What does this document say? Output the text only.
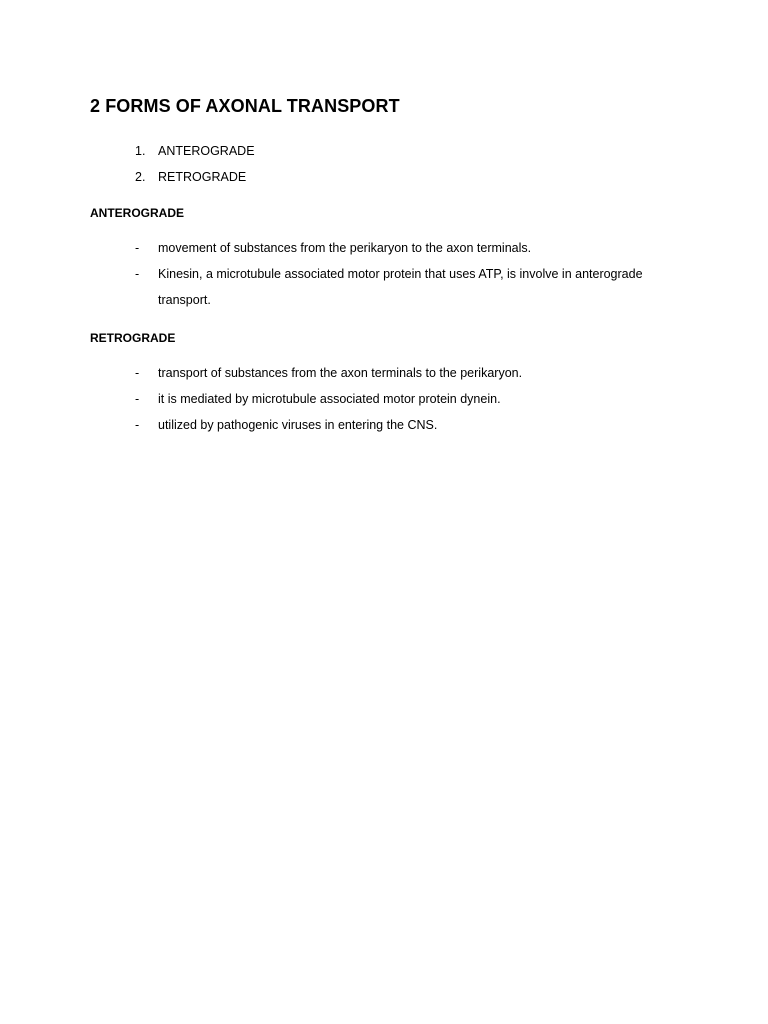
2 FORMS OF AXONAL TRANSPORT
1. ANTEROGRADE
2. RETROGRADE
ANTEROGRADE
- movement of substances from the perikaryon to the axon terminals.
- Kinesin, a microtubule associated motor protein that uses ATP, is involve in anterograde transport.
RETROGRADE
- transport of substances from the axon terminals to the perikaryon.
- it is mediated by microtubule associated motor protein dynein.
- utilized by pathogenic viruses in entering the CNS.
